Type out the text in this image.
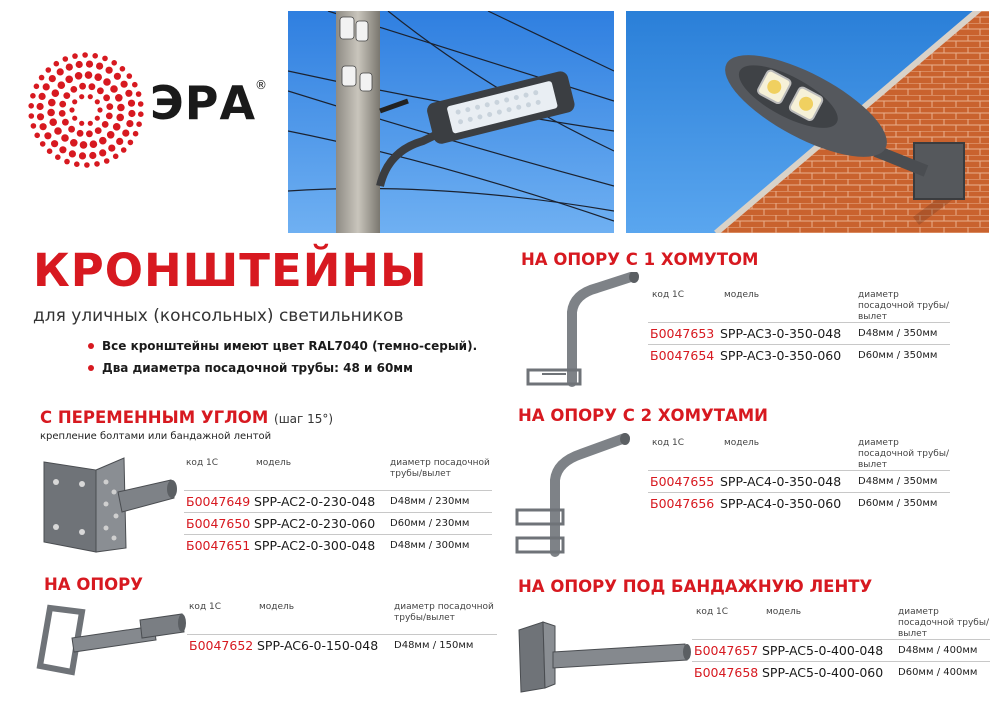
ЭРА
®
КРОНШТЕЙНЫ
для уличных (консольных) светильников
Все кронштейны имеют цвет RAL7040 (темно-серый).
Два диаметра посадочной трубы: 48 и 60мм
С ПЕРЕМЕННЫМ УГЛОМ (шаг 15°)
крепление болтами или бандажной лентой
код 1С	модель	диаметр посадочной трубы/вылет
Б0047649 SPP-AC2-0-230-048 D48мм / 230мм
Б0047650 SPP-AC2-0-230-060 D60мм / 230мм
Б0047651 SPP-AC2-0-300-048 D48мм / 300мм
НА ОПОРУ
код 1С	модель	диаметр посадочной трубы/вылет
Б0047652 SPP-AC6-0-150-048 D48мм / 150мм
НА ОПОРУ С 1 ХОМУТОМ
код 1С	модель	диаметр посадочной трубы/вылет
Б0047653 SPP-AC3-0-350-048 D48мм / 350мм
Б0047654 SPP-AC3-0-350-060 D60мм / 350мм
НА ОПОРУ С 2 ХОМУТАМИ
код 1С	модель	диаметр посадочной трубы/вылет
Б0047655 SPP-AC4-0-350-048 D48мм / 350мм
Б0047656 SPP-AC4-0-350-060 D60мм / 350мм
НА ОПОРУ ПОД БАНДАЖНУЮ ЛЕНТУ
код 1С	модель	диаметр посадочной трубы/вылет
Б0047657 SPP-AC5-0-400-048 D48мм / 400мм
Б0047658 SPP-AC5-0-400-060 D60мм / 400мм
